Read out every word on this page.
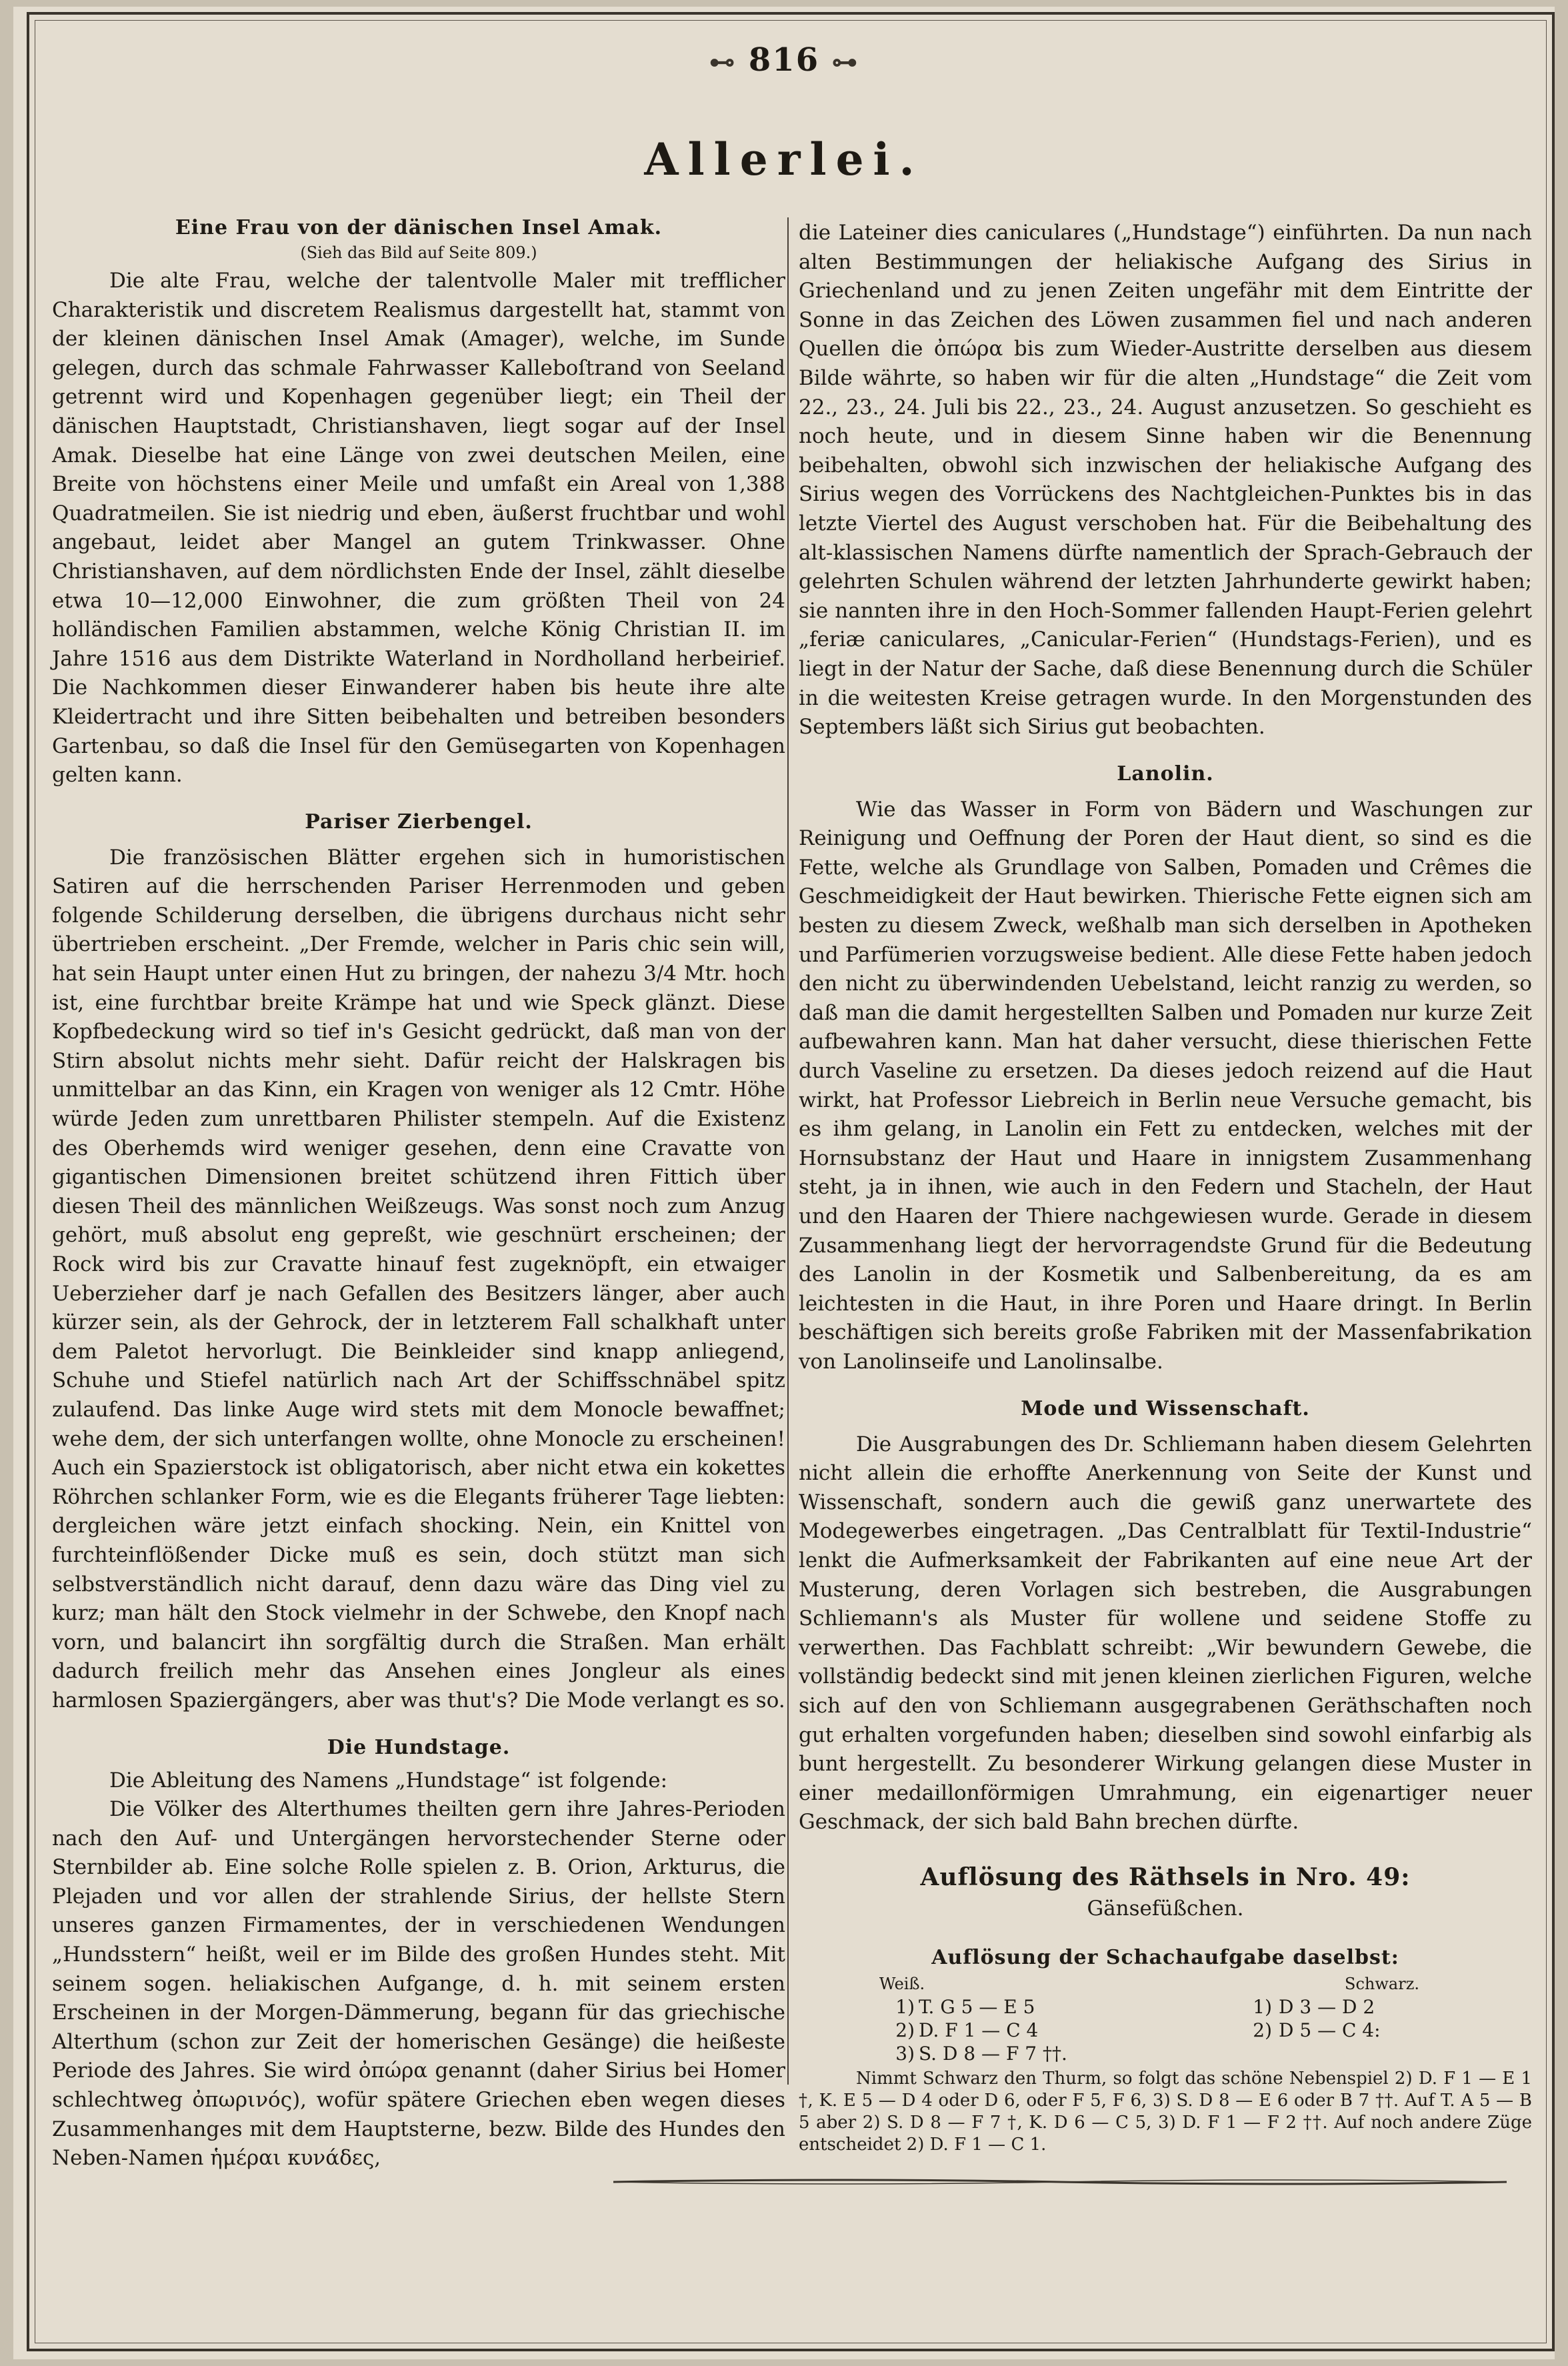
⊷ 816 ⊶
Allerlei.
Eine Frau von der dänischen Insel Amak.
(Sieh das Bild auf Seite 809.)

Die alte Frau, welche der talentvolle Maler mit trefflicher Charakteristik und discretem Realismus dargestellt hat, stammt von der kleinen dänischen Insel Amak (Amager), welche, im Sunde gelegen, durch das schmale Fahrwasser Kalleboſtrand von Seeland getrennt wird und Kopenhagen gegenüber liegt; ein Theil der dänischen Hauptstadt, Christianshaven, liegt sogar auf der Insel Amak. Dieselbe hat eine Länge von zwei deutschen Meilen, eine Breite von höchstens einer Meile und umfaßt ein Areal von 1,388 Quadratmeilen. Sie ist niedrig und eben, äußerst fruchtbar und wohl angebaut, leidet aber Mangel an gutem Trinkwasser. Ohne Christianshaven, auf dem nördlichsten Ende der Insel, zählt dieselbe etwa 10—12,000 Einwohner, die zum größten Theil von 24 holländischen Familien abstammen, welche König Christian II. im Jahre 1516 aus dem Distrikte Waterland in Nordholland herbeirief. Die Nachkommen dieser Einwanderer haben bis heute ihre alte Kleidertracht und ihre Sitten beibehalten und betreiben besonders Gartenbau, so daß die Insel für den Gemüsegarten von Kopenhagen gelten kann.

Pariser Zierbengel.

Die französischen Blätter ergehen sich in humoristischen Satiren auf die herrschenden Pariser Herrenmoden und geben folgende Schilderung derselben, die übrigens durchaus nicht sehr übertrieben erscheint. „Der Fremde, welcher in Paris chic sein will, hat sein Haupt unter einen Hut zu bringen, der nahezu 3/4 Mtr. hoch ist, eine furchtbar breite Krämpe hat und wie Speck glänzt. Diese Kopfbedeckung wird so tief in's Gesicht gedrückt, daß man von der Stirn absolut nichts mehr sieht. Dafür reicht der Halskragen bis unmittelbar an das Kinn, ein Kragen von weniger als 12 Cmtr. Höhe würde Jeden zum unrettbaren Philister stempeln. Auf die Existenz des Oberhemds wird weniger gesehen, denn eine Cravatte von gigantischen Dimensionen breitet schützend ihren Fittich über diesen Theil des männlichen Weißzeugs. Was sonst noch zum Anzug gehört, muß absolut eng gepreßt, wie geschnürt erscheinen; der Rock wird bis zur Cravatte hinauf fest zugeknöpft, ein etwaiger Ueberzieher darf je nach Gefallen des Besitzers länger, aber auch kürzer sein, als der Gehrock, der in letzterem Fall schalkhaft unter dem Paletot hervorlugt. Die Beinkleider sind knapp anliegend, Schuhe und Stiefel natürlich nach Art der Schiffsschnäbel spitz zulaufend. Das linke Auge wird stets mit dem Monocle bewaffnet; wehe dem, der sich unterfangen wollte, ohne Monocle zu erscheinen! Auch ein Spazierstock ist obligatorisch, aber nicht etwa ein kokettes Röhrchen schlanker Form, wie es die Elegants früherer Tage liebten: dergleichen wäre jetzt einfach shocking. Nein, ein Knittel von furchteinflößender Dicke muß es sein, doch stützt man sich selbstverständlich nicht darauf, denn dazu wäre das Ding viel zu kurz; man hält den Stock vielmehr in der Schwebe, den Knopf nach vorn, und balancirt ihn sorgfältig durch die Straßen. Man erhält dadurch freilich mehr das Ansehen eines Jongleur als eines harmlosen Spaziergängers, aber was thut's? Die Mode verlangt es so.

Die Hundstage.

Die Ableitung des Namens „Hundstage“ ist folgende:

Die Völker des Alterthumes theilten gern ihre Jahres-Perioden nach den Auf- und Untergängen hervorstechender Sterne oder Sternbilder ab. Eine solche Rolle spielen z. B. Orion, Arkturus, die Plejaden und vor allen der strahlende Sirius, der hellste Stern unseres ganzen Firmamentes, der in verschiedenen Wendungen „Hundsstern“ heißt, weil er im Bilde des großen Hundes steht. Mit seinem sogen. heliakischen Aufgange, d. h. mit seinem ersten Erscheinen in der Morgen-Dämmerung, begann für das griechische Alterthum (schon zur Zeit der homerischen Gesänge) die heißeste Periode des Jahres. Sie wird ὀπώρα genannt (daher Sirius bei Homer schlechtweg ὀπωρινός), wofür spätere Griechen eben wegen dieses Zusammenhanges mit dem Hauptsterne, bezw. Bilde des Hundes den Neben-Namen ἡμέραι κυνάδες,

die Lateiner dies caniculares („Hundstage“) einführten. Da nun nach alten Bestimmungen der heliakische Aufgang des Sirius in Griechenland und zu jenen Zeiten ungefähr mit dem Eintritte der Sonne in das Zeichen des Löwen zusammen fiel und nach anderen Quellen die ὀπώρα bis zum Wieder-Austritte derselben aus diesem Bilde währte, so haben wir für die alten „Hundstage“ die Zeit vom 22., 23., 24. Juli bis 22., 23., 24. August anzusetzen. So geschieht es noch heute, und in diesem Sinne haben wir die Benennung beibehalten, obwohl sich inzwischen der heliakische Aufgang des Sirius wegen des Vorrückens des Nachtgleichen-Punktes bis in das letzte Viertel des August verschoben hat. Für die Beibehaltung des alt-klassischen Namens dürfte namentlich der Sprach-Gebrauch der gelehrten Schulen während der letzten Jahrhunderte gewirkt haben; sie nannten ihre in den Hoch-Sommer fallenden Haupt-Ferien gelehrt „feriæ caniculares, „Canicular-Ferien“ (Hundstags-Ferien), und es liegt in der Natur der Sache, daß diese Benennung durch die Schüler in die weitesten Kreise getragen wurde. In den Morgenstunden des Septembers läßt sich Sirius gut beobachten.

Lanolin.

Wie das Wasser in Form von Bädern und Waschungen zur Reinigung und Oeffnung der Poren der Haut dient, so sind es die Fette, welche als Grundlage von Salben, Pomaden und Crêmes die Geschmeidigkeit der Haut bewirken. Thierische Fette eignen sich am besten zu diesem Zweck, weßhalb man sich derselben in Apotheken und Parfümerien vorzugsweise bedient. Alle diese Fette haben jedoch den nicht zu überwindenden Uebelstand, leicht ranzig zu werden, so daß man die damit hergestellten Salben und Pomaden nur kurze Zeit aufbewahren kann. Man hat daher versucht, diese thierischen Fette durch Vaseline zu ersetzen. Da dieses jedoch reizend auf die Haut wirkt, hat Professor Liebreich in Berlin neue Versuche gemacht, bis es ihm gelang, in Lanolin ein Fett zu entdecken, welches mit der Hornsubstanz der Haut und Haare in innigstem Zusammenhang steht, ja in ihnen, wie auch in den Federn und Stacheln, der Haut und den Haaren der Thiere nachgewiesen wurde. Gerade in diesem Zusammenhang liegt der hervorragendste Grund für die Bedeutung des Lanolin in der Kosmetik und Salbenbereitung, da es am leichtesten in die Haut, in ihre Poren und Haare dringt. In Berlin beschäftigen sich bereits große Fabriken mit der Massenfabrikation von Lanolinseife und Lanolinsalbe.

Mode und Wissenschaft.

Die Ausgrabungen des Dr. Schliemann haben diesem Gelehrten nicht allein die erhoffte Anerkennung von Seite der Kunst und Wissenschaft, sondern auch die gewiß ganz unerwartete des Modegewerbes eingetragen. „Das Centralblatt für Textil-Industrie“ lenkt die Aufmerksamkeit der Fabrikanten auf eine neue Art der Musterung, deren Vorlagen sich bestreben, die Ausgrabungen Schliemann's als Muster für wollene und seidene Stoffe zu verwerthen. Das Fachblatt schreibt: „Wir bewundern Gewebe, die vollständig bedeckt sind mit jenen kleinen zierlichen Figuren, welche sich auf den von Schliemann ausgegrabenen Geräthschaften noch gut erhalten vorgefunden haben; dieselben sind sowohl einfarbig als bunt hergestellt. Zu besonderer Wirkung gelangen diese Muster in einer medaillonförmigen Umrahmung, ein eigenartiger neuer Geschmack, der sich bald Bahn brechen dürfte.

Auflösung des Räthsels in Nro. 49:
Gänsefüßchen.
Auflösung der Schachaufgabe daselbst:
Weiß.	Schwarz.
1) T. G 5 — E 5	1) D 3 — D 2
2) D. F 1 — C 4	2) D 5 — C 4:
3) S. D 8 — F 7 ††.

Nimmt Schwarz den Thurm, so folgt das schöne Nebenspiel 2) D. F 1 — E 1 †, K. E 5 — D 4 oder D 6, oder F 5, F 6, 3) S. D 8 — E 6 oder B 7 ††. Auf T. A 5 — B 5 aber 2) S. D 8 — F 7 †, K. D 6 — C 5, 3) D. F 1 — F 2 ††. Auf noch andere Züge entscheidet 2) D. F 1 — C 1.
